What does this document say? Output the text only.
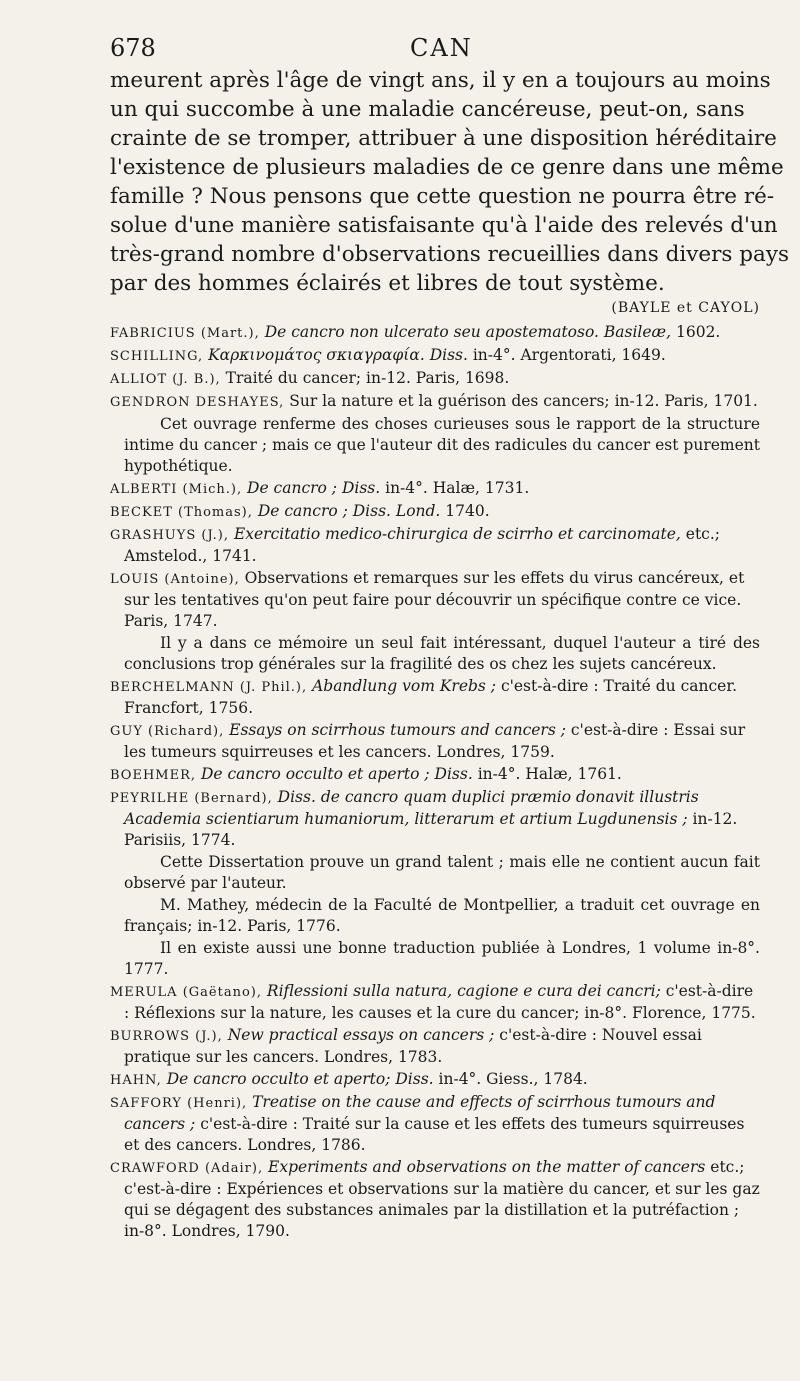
678	CAN
meurent après l'âge de vingt ans, il y en a toujours au moins
un qui succombe à une maladie cancéreuse, peut-on, sans
crainte de se tromper, attribuer à une disposition héréditaire
l'existence de plusieurs maladies de ce genre dans une même
famille ? Nous pensons que cette question ne pourra être ré-
solue d'une manière satisfaisante qu'à l'aide des relevés d'un
très-grand nombre d'observations recueillies dans divers pays
par des hommes éclairés et libres de tout système.
(BAYLE et CAYOL)
FABRICIUS (Mart.), De cancro non ulcerato seu apostematoso. Basileæ, 1602.
SCHILLING, Καρκινομάτος σκιαγραφία. Diss. in-4°. Argentorati, 1649.
ALLIOT (J. B.), Traité du cancer; in-12. Paris, 1698.
GENDRON DESHAYES, Sur la nature et la guérison des cancers; in-12. Paris, 1701.
Cet ouvrage renferme des choses curieuses sous le rapport de la structure intime du cancer ; mais ce que l'auteur dit des radicules du cancer est purement hypothétique.
ALBERTI (Mich.), De cancro ; Diss. in-4°. Halæ, 1731.
BECKET (Thomas), De cancro ; Diss. Lond. 1740.
GRASHUYS (J.), Exercitatio medico-chirurgica de scirrho et carcinomate, etc.; Amstelod., 1741.
LOUIS (Antoine), Observations et remarques sur les effets du virus cancéreux, et sur les tentatives qu'on peut faire pour découvrir un spécifique contre ce vice. Paris, 1747.
Il y a dans ce mémoire un seul fait intéressant, duquel l'auteur a tiré des conclusions trop générales sur la fragilité des os chez les sujets cancéreux.
BERCHELMANN (J. Phil.), Abandlung vom Krebs ; c'est-à-dire : Traité du cancer. Francfort, 1756.
GUY (Richard), Essays on scirrhous tumours and cancers ; c'est-à-dire : Essai sur les tumeurs squirreuses et les cancers. Londres, 1759.
BOEHMER, De cancro occulto et aperto ; Diss. in-4°. Halæ, 1761.
PEYRILHE (Bernard), Diss. de cancro quam duplici præmio donavit illustris Academia scientiarum humaniorum, litterarum et artium Lugdunensis ; in-12. Parisiis, 1774.
Cette Dissertation prouve un grand talent ; mais elle ne contient aucun fait observé par l'auteur.
M. Mathey, médecin de la Faculté de Montpellier, a traduit cet ouvrage en français; in-12. Paris, 1776.
Il en existe aussi une bonne traduction publiée à Londres, 1 volume in-8°. 1777.
MERULA (Gaëtano), Riflessioni sulla natura, cagione e cura dei cancri; c'est-à-dire : Réflexions sur la nature, les causes et la cure du cancer; in-8°. Florence, 1775.
BURROWS (J.), New practical essays on cancers ; c'est-à-dire : Nouvel essai pratique sur les cancers. Londres, 1783.
HAHN, De cancro occulto et aperto; Diss. in-4°. Giess., 1784.
SAFFORY (Henri), Treatise on the cause and effects of scirrhous tumours and cancers ; c'est-à-dire : Traité sur la cause et les effets des tumeurs squirreuses et des cancers. Londres, 1786.
CRAWFORD (Adair), Experiments and observations on the matter of cancers etc.; c'est-à-dire : Expériences et observations sur la matière du cancer, et sur les gaz qui se dégagent des substances animales par la distillation et la putréfaction ; in-8°. Londres, 1790.
